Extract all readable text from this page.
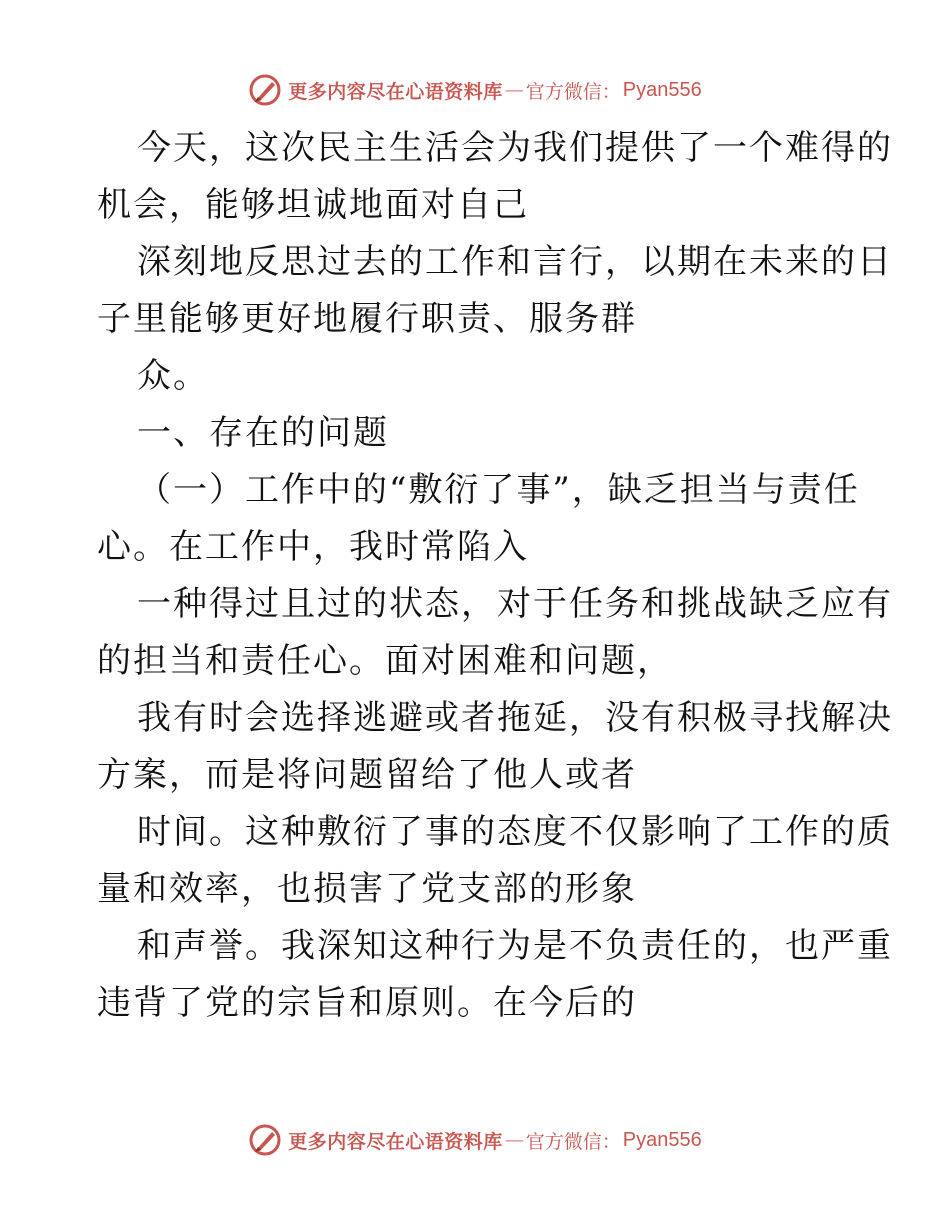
更多内容尽在心语资料库 — 官方微信： Pyan556
今天，这次民主生活会为我们提供了一个难得的
机会，能够坦诚地面对自己
深刻地反思过去的工作和言行，以期在未来的日
子里能够更好地履行职责、服务群
众。
一、存在的问题
（一）工作中的“敷衍了事”，缺乏担当与责任
心。在工作中，我时常陷入
一种得过且过的状态，对于任务和挑战缺乏应有
的担当和责任心。面对困难和问题，
我有时会选择逃避或者拖延，没有积极寻找解决
方案，而是将问题留给了他人或者
时间。这种敷衍了事的态度不仅影响了工作的质
量和效率，也损害了党支部的形象
和声誉。我深知这种行为是不负责任的，也严重
违背了党的宗旨和原则。在今后的
更多内容尽在心语资料库 — 官方微信： Pyan556
